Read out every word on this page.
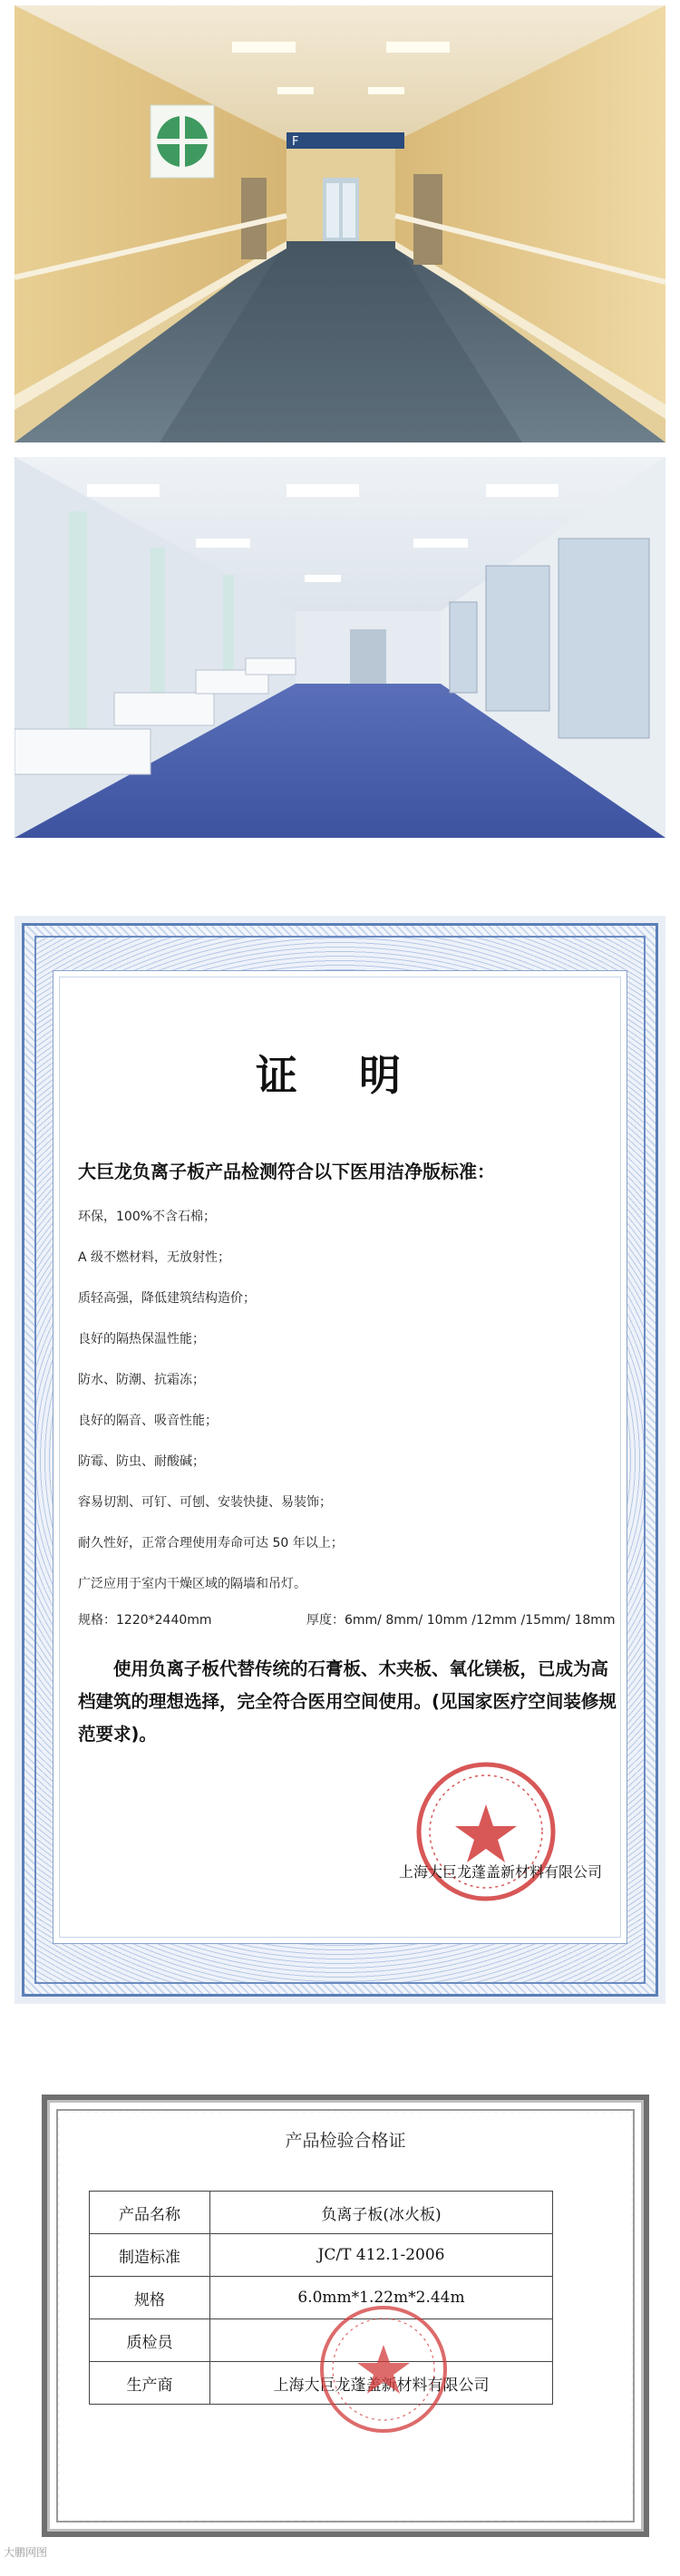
F
证 明
大巨龙负离子板产品检测符合以下医用洁净版标准：
环保，100%不含石棉；
A 级不燃材料，无放射性；
质轻高强，降低建筑结构造价；
良好的隔热保温性能；
防水、防潮、抗霜冻；
良好的隔音、吸音性能；
防霉、防虫、耐酸碱；
容易切割、可钉、可刨、安装快捷、易装饰；
耐久性好，正常合理使用寿命可达 50 年以上；
广泛应用于室内干燥区域的隔墙和吊灯。
规格：1220*2440mm	厚度：6mm/ 8mm/ 10mm /12mm /15mm/ 18mm
使用负离子板代替传统的石膏板、木夹板、氧化镁板，已成为高档建筑的理想选择，完全符合医用空间使用。(见国家医疗空间装修规范要求)。
上海大巨龙蓬盖新材料有限公司
产品检验合格证
产品名称	负离子板(冰火板)
制造标准	JC/T 412.1-2006
规格	6.0mm*1.22m*2.44m
质检员	
生产商	上海大巨龙蓬盖新材料有限公司
大鹏网图
